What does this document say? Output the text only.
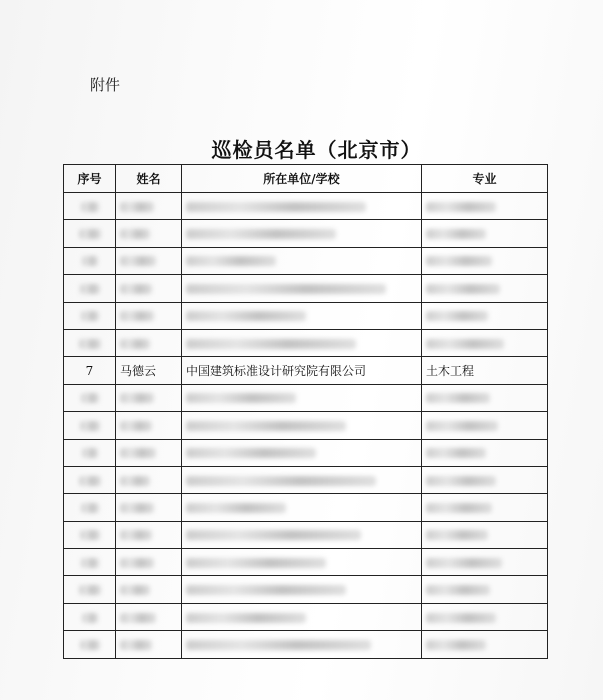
附件
巡检员名单（北京市）
序号	姓名	所在单位/学校	专业

7	马德云	中国建筑标准设计研究院有限公司	土木工程
